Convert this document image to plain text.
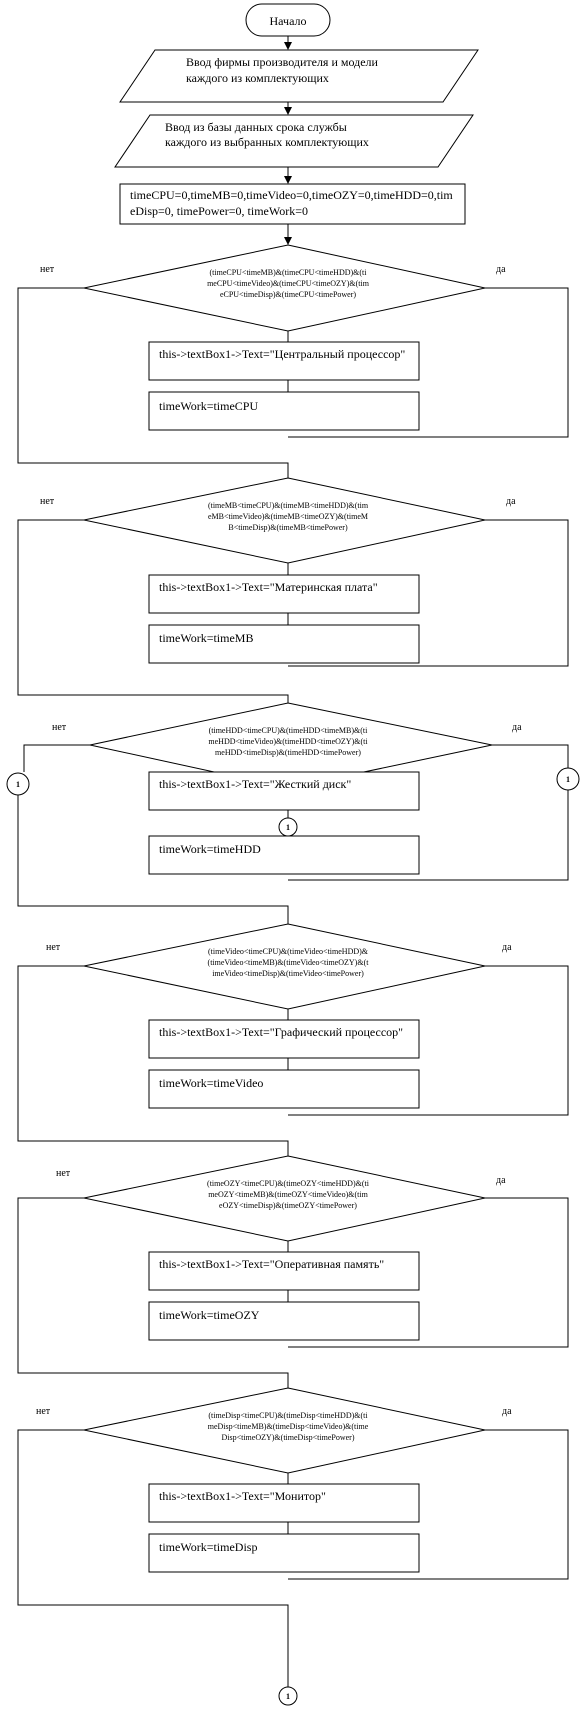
Начало
Ввод фирмы производителя и модели
каждого из комплектующих
Ввод из базы данных срока службы
каждого из выбранных комплектующих
timeCPU=0,timeMB=0,timeVideo=0,timeOZY=0,timeHDD=0,tim
eDisp=0, timePower=0, timeWork=0
(timeCPU<timeMB)&(timeCPU<timeHDD)&(ti
meCPU<timeVideo)&(timeCPU<timeOZY)&(tim
eCPU<timeDisp)&(timeCPU<timePower)
нет	да
this->textBox1->Text="Центральный процессор"
timeWork=timeCPU
(timeMB<timeCPU)&(timeMB<timeHDD)&(tim
eMB<timeVideo)&(timeMB<timeOZY)&(timeM
B<timeDisp)&(timeMB<timePower)
нет	да
this->textBox1->Text="Материнская плата"
timeWork=timeMB
(timeHDD<timeCPU)&(timeHDD<timeMB)&(ti
meHDD<timeVideo)&(timeHDD<timeOZY)&(ti
meHDD<timeDisp)&(timeHDD<timePower)
нет	да
this->textBox1->Text="Жесткий диск"
timeWork=timeHDD
1
1
1
(timeVideo<timeCPU)&(timeVideo<timeHDD)&
(timeVideo<timeMB)&(timeVideo<timeOZY)&(t
imeVideo<timeDisp)&(timeVideo<timePower)
нет	да
this->textBox1->Text="Графический процессор"
timeWork=timeVideo
(timeOZY<timeCPU)&(timeOZY<timeHDD)&(ti
meOZY<timeMB)&(timeOZY<timeVideo)&(tim
eOZY<timeDisp)&(timeOZY<timePower)
нет
да
this->textBox1->Text="Оперативная память"
timeWork=timeOZY
(timeDisp<timeCPU)&(timeDisp<timeHDD)&(ti
meDisp<timeMB)&(timeDisp<timeVideo)&(time
Disp<timeOZY)&(timeDisp<timePower)
нет	да
this->textBox1->Text="Монитор"
timeWork=timeDisp
1
